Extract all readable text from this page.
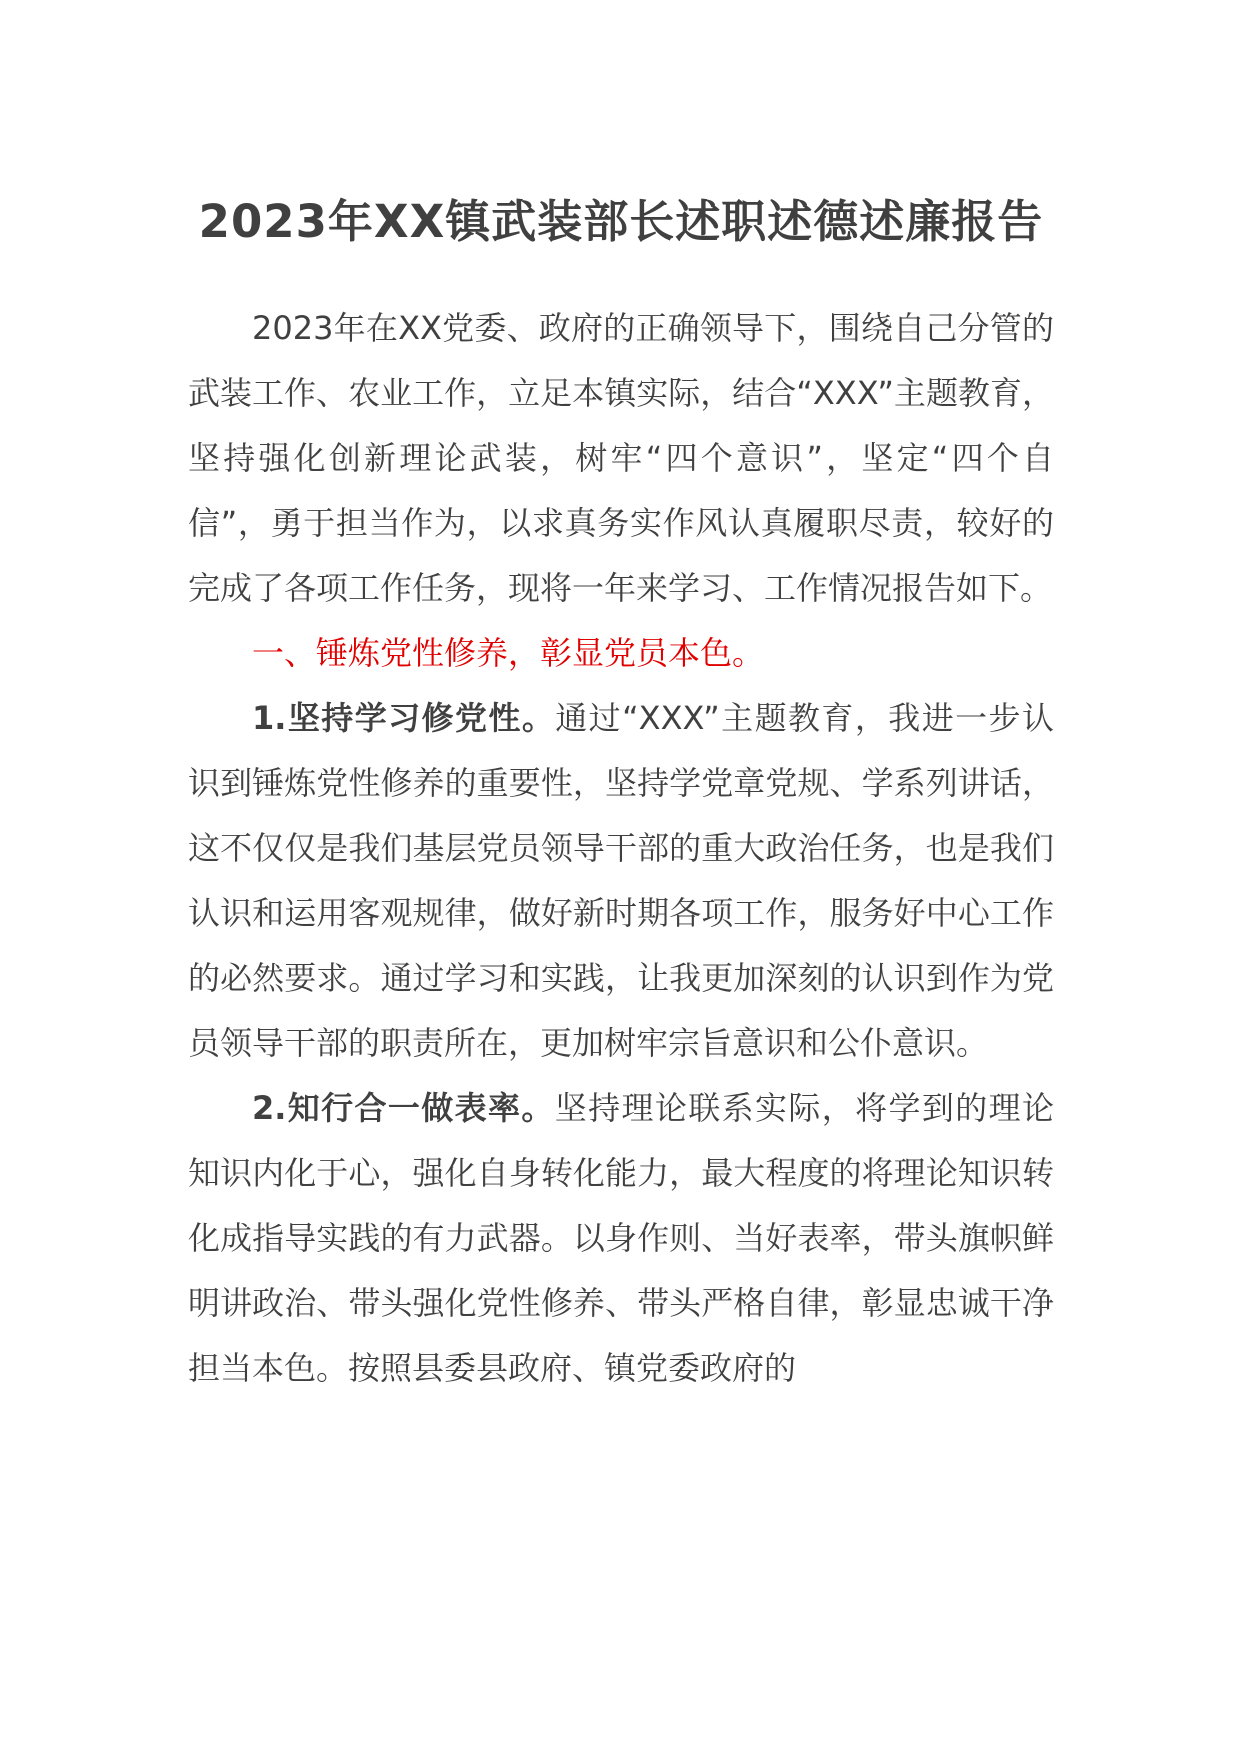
2023年XX镇武装部长述职述德述廉报告

2023年在XX党委、政府的正确领导下，围绕自己分管的武装工作、农业工作，立足本镇实际，结合“XXX”主题教育，坚持强化创新理论武装，树牢“四个意识”，坚定“四个自信”，勇于担当作为，以求真务实作风认真履职尽责，较好的完成了各项工作任务，现将一年来学习、工作情况报告如下。

一、锤炼党性修养，彰显党员本色。

1.坚持学习修党性。通过“XXX”主题教育，我进一步认识到锤炼党性修养的重要性，坚持学党章党规、学系列讲话，这不仅仅是我们基层党员领导干部的重大政治任务，也是我们认识和运用客观规律，做好新时期各项工作，服务好中心工作的必然要求。通过学习和实践，让我更加深刻的认识到作为党员领导干部的职责所在，更加树牢宗旨意识和公仆意识。

2.知行合一做表率。坚持理论联系实际，将学到的理论知识内化于心，强化自身转化能力，最大程度的将理论知识转化成指导实践的有力武器。以身作则、当好表率，带头旗帜鲜明讲政治、带头强化党性修养、带头严格自律，彰显忠诚干净担当本色。按照县委县政府、镇党委政府的
